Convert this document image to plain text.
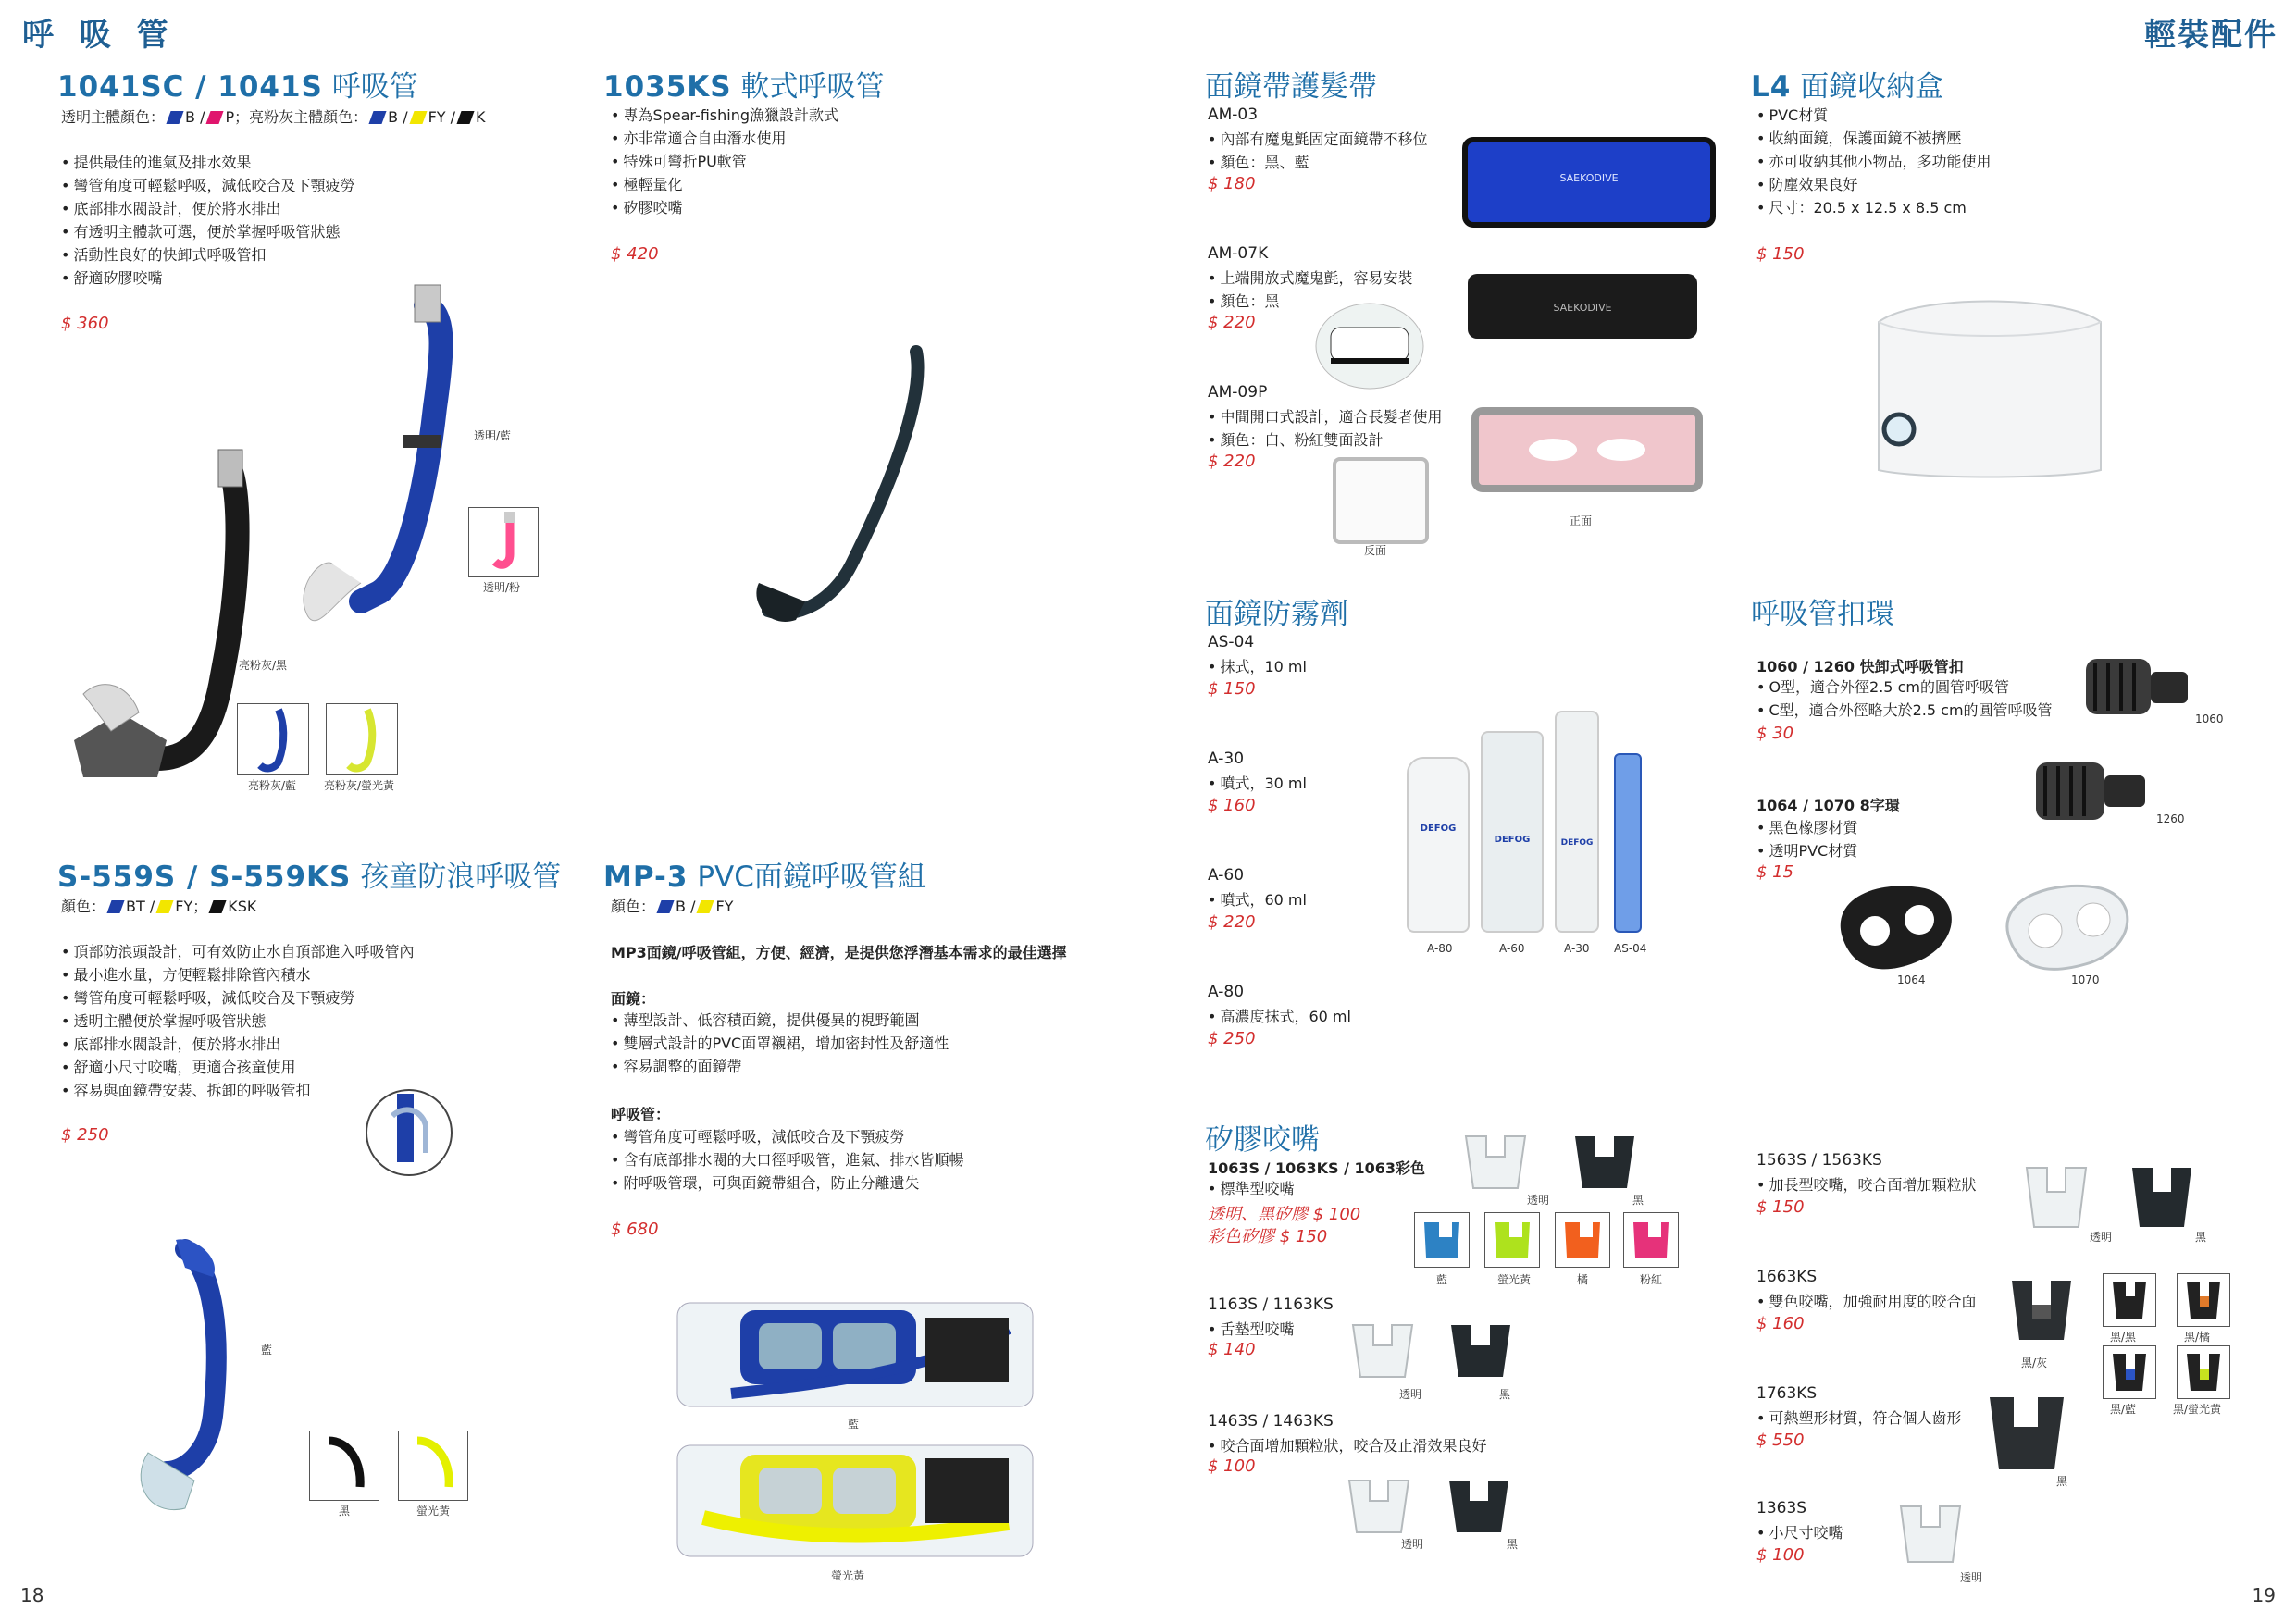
呼 吸 管	輕裝配件
18	19
1041SC / 1041S 呼吸管
透明主體顏色： B / P；亮粉灰主體顏色： B / FY / K
• 提供最佳的進氣及排水效果
• 彎管角度可輕鬆呼吸，減低咬合及下顎疲勞
• 底部排水閥設計，便於將水排出
• 有透明主體款可選，便於掌握呼吸管狀態
• 活動性良好的快卸式呼吸管扣
• 舒適矽膠咬嘴
$ 360
透明/藍
透明/粉
亮粉灰/黑
亮粉灰/藍 亮粉灰/螢光黃
1035KS 軟式呼吸管
• 專為Spear-fishing漁獵設計款式
• 亦非常適合自由潛水使用
• 特殊可彎折PU軟管
• 極輕量化
• 矽膠咬嘴
$ 420
S-559S / S-559KS 孩童防浪呼吸管
顏色： BT / FY； KSK
• 頂部防浪頭設計，可有效防止水自頂部進入呼吸管內
• 最小進水量，方便輕鬆排除管內積水
• 彎管角度可輕鬆呼吸，減低咬合及下顎疲勞
• 透明主體便於掌握呼吸管狀態
• 底部排水閥設計，便於將水排出
• 舒適小尺寸咬嘴，更適合孩童使用
• 容易與面鏡帶安裝、拆卸的呼吸管扣
$ 250
藍
黑	螢光黃
MP-3 PVC面鏡呼吸管組
顏色： B / FY
MP3面鏡/呼吸管組，方便、經濟，是提供您浮潛基本需求的最佳選擇
面鏡：
• 薄型設計、低容積面鏡，提供優異的視野範圍
• 雙層式設計的PVC面罩襯裙，增加密封性及舒適性
• 容易調整的面鏡帶
呼吸管：
• 彎管角度可輕鬆呼吸，減低咬合及下顎疲勞
• 含有底部排水閥的大口徑呼吸管，進氣、排水皆順暢
• 附呼吸管環，可與面鏡帶組合，防止分離遺失
$ 680
藍
螢光黃
面鏡帶護髮帶
AM-03
• 內部有魔鬼氈固定面鏡帶不移位
• 顏色：黑、藍
$ 180
AM-07K
• 上端開放式魔鬼氈，容易安裝
• 顏色：黑
$ 220
AM-09P
• 中間開口式設計，適合長髮者使用
• 顏色：白、粉紅雙面設計
$ 220
SAEKODIVE
SAEKODIVE
正面
反面
L4 面鏡收納盒
• PVC材質
• 收納面鏡，保護面鏡不被擠壓
• 亦可收納其他小物品，多功能使用
• 防塵效果良好
• 尺寸：20.5 x 12.5 x 8.5 cm
$ 150
面鏡防霧劑
AS-04
• 抹式，10 ml
$ 150
A-30
• 噴式，30 ml
$ 160
A-60
• 噴式，60 ml
$ 220
A-80
• 高濃度抹式，60 ml
$ 250
DEFOG
DEFOG	DEFOG
A-80	A-60	A-30 AS-04
呼吸管扣環
1060 / 1260 快卸式呼吸管扣
• O型，適合外徑2.5 cm的圓管呼吸管
• C型，適合外徑略大於2.5 cm的圓管呼吸管
$ 30
1064 / 1070 8字環
• 黑色橡膠材質
• 透明PVC材質
$ 15
1060
1260
1064	1070
矽膠咬嘴
1063S / 1063KS / 1063彩色
• 標準型咬嘴
透明、黑矽膠 $ 100
彩色矽膠 $ 150
1163S / 1163KS
• 舌墊型咬嘴
$ 140
1463S / 1463KS
• 咬合面增加顆粒狀，咬合及止滑效果良好
$ 100
透明	黑
藍	螢光黃	橘	粉紅
透明	黑
透明	黑
1563S / 1563KS
• 加長型咬嘴，咬合面增加顆粒狀
$ 150
透明	黑
1663KS
• 雙色咬嘴，加強耐用度的咬合面
$ 160
黑/黑	黑/橘
黑/灰
黑/藍	黑/螢光黃
1763KS
• 可熱塑形材質，符合個人齒形
$ 550
黑
1363S
• 小尺寸咬嘴
$ 100
透明
